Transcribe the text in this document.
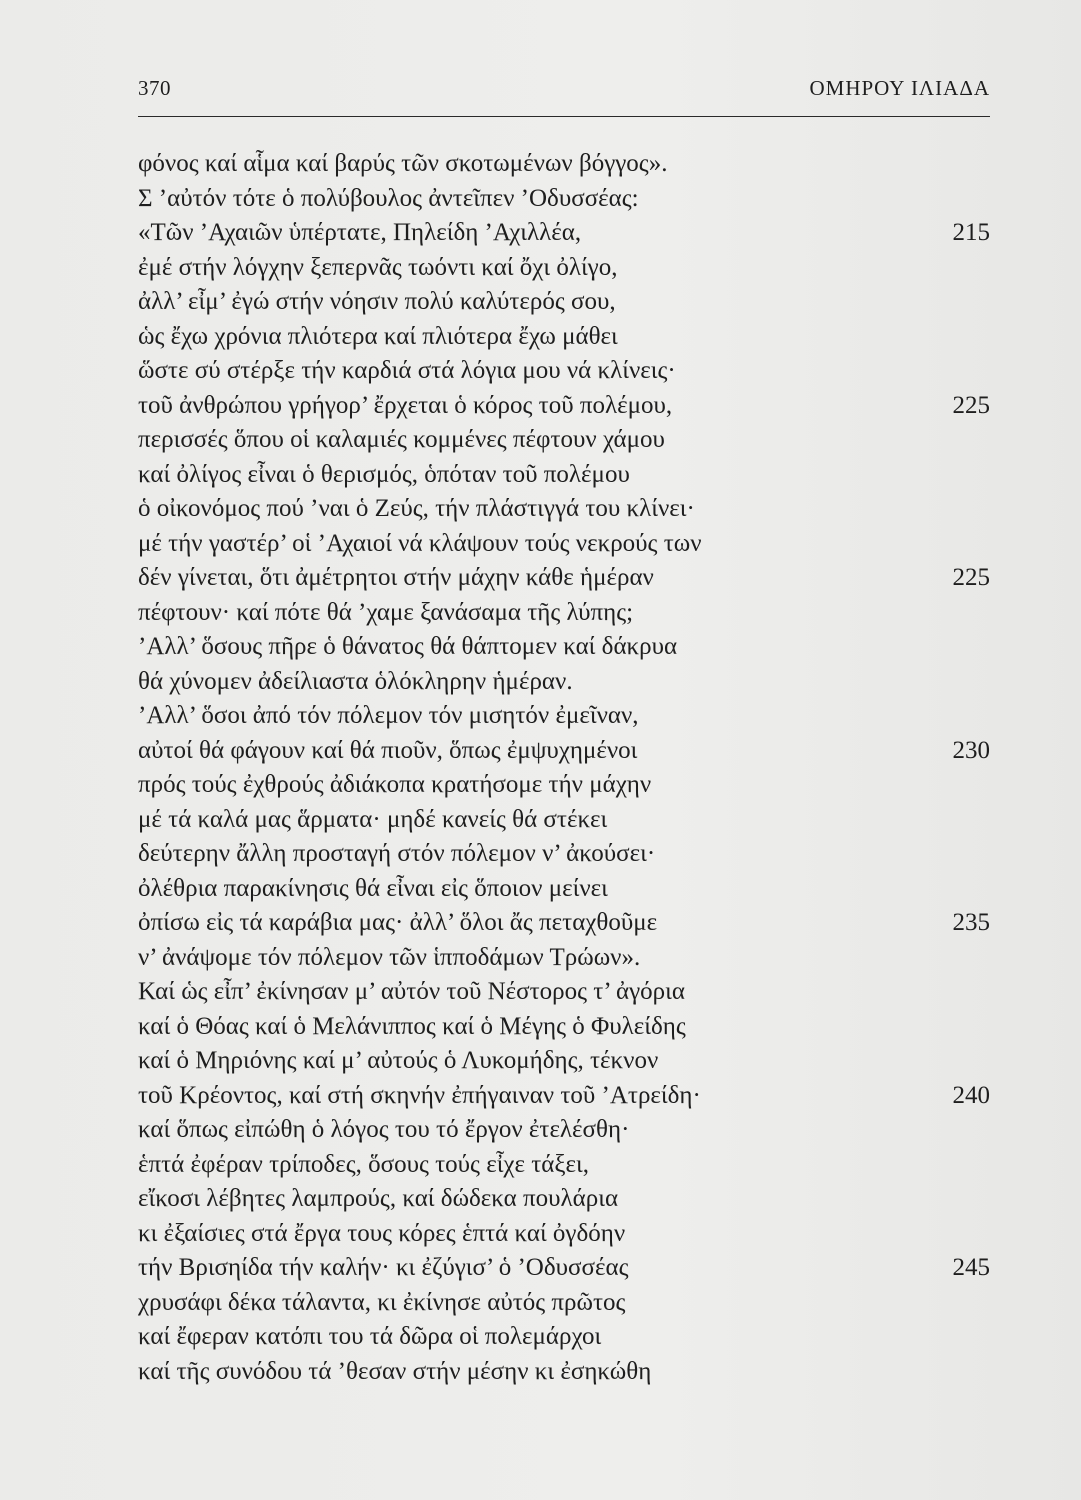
370	ΟΜΗΡΟΥ ΙΛΙΑΔΑ
φόνος καί αἷμα καί βαρύς τῶν σκοτωμένων βόγγος».
Σ ’αὐτόν τότε ὁ πολύβουλος ἀντεῖπεν ’Οδυσσέας:
«Τῶν ’Αχαιῶν ὑπέρτατε, Πηλείδη ’Αχιλλέα,	215
ἐμέ στήν λόγχην ξεπερνᾶς τωόντι καί ὄχι ὀλίγο,
ἀλλ’ εἶμ’ ἐγώ στήν νόησιν πολύ καλύτερός σου,
ὡς ἔχω χρόνια πλιότερα καί πλιότερα ἔχω μάθει
ὥστε σύ στέρξε τήν καρδιά στά λόγια μου νά κλίνεις·
τοῦ ἀνθρώπου γρήγορ’ ἔρχεται ὁ κόρος τοῦ πολέμου,	225
περισσές ὅπου οἱ καλαμιές κομμένες πέφτουν χάμου
καί ὀλίγος εἶναι ὁ θερισμός, ὁπόταν τοῦ πολέμου
ὁ οἰκονόμος πού ’ναι ὁ Ζεύς, τήν πλάστιγγά του κλίνει·
μέ τήν γαστέρ’ οἱ ’Αχαιοί νά κλάψουν τούς νεκρούς των
δέν γίνεται, ὅτι ἀμέτρητοι στήν μάχην κάθε ἡμέραν	225
πέφτουν· καί πότε θά ’χαμε ξανάσαμα τῆς λύπης;
’Αλλ’ ὅσους πῆρε ὁ θάνατος θά θάπτομεν καί δάκρυα
θά χύνομεν ἀδείλιαστα ὁλόκληρην ἡμέραν.
’Αλλ’ ὅσοι ἀπό τόν πόλεμον τόν μισητόν ἐμεῖναν,
αὐτοί θά φάγουν καί θά πιοῦν, ὅπως ἐμψυχημένοι	230
πρός τούς ἐχθρούς ἀδιάκοπα κρατήσομε τήν μάχην
μέ τά καλά μας ἅρματα· μηδέ κανείς θά στέκει
δεύτερην ἄλλη προσταγή στόν πόλεμον ν’ ἀκούσει·
ὀλέθρια παρακίνησις θά εἶναι εἰς ὅποιον μείνει
ὀπίσω εἰς τά καράβια μας· ἀλλ’ ὅλοι ἄς πεταχθοῦμε	235
ν’ ἀνάψομε τόν πόλεμον τῶν ἱπποδάμων Τρώων».
Καί ὡς εἶπ’ ἐκίνησαν μ’ αὐτόν τοῦ Νέστορος τ’ ἀγόρια
καί ὁ Θόας καί ὁ Μελάνιππος καί ὁ Μέγης ὁ Φυλείδης
καί ὁ Μηριόνης καί μ’ αὐτούς ὁ Λυκομήδης, τέκνον
τοῦ Κρέοντος, καί στή σκηνήν ἐπήγαιναν τοῦ ’Ατρείδη·	240
καί ὅπως εἰπώθη ὁ λόγος του τό ἔργον ἐτελέσθη·
ἑπτά ἐφέραν τρίποδες, ὅσους τούς εἶχε τάξει,
εἴκοσι λέβητες λαμπρούς, καί δώδεκα πουλάρια
κι ἐξαίσιες στά ἔργα τους κόρες ἑπτά καί ὀγδόην
τήν Βρισηίδα τήν καλήν· κι ἐζύγισ’ ὁ ’Οδυσσέας	245
χρυσάφι δέκα τάλαντα, κι ἐκίνησε αὐτός πρῶτος
καί ἔφεραν κατόπι του τά δῶρα οἱ πολεμάρχοι
καί τῆς συνόδου τά ’θεσαν στήν μέσην κι ἐσηκώθη
